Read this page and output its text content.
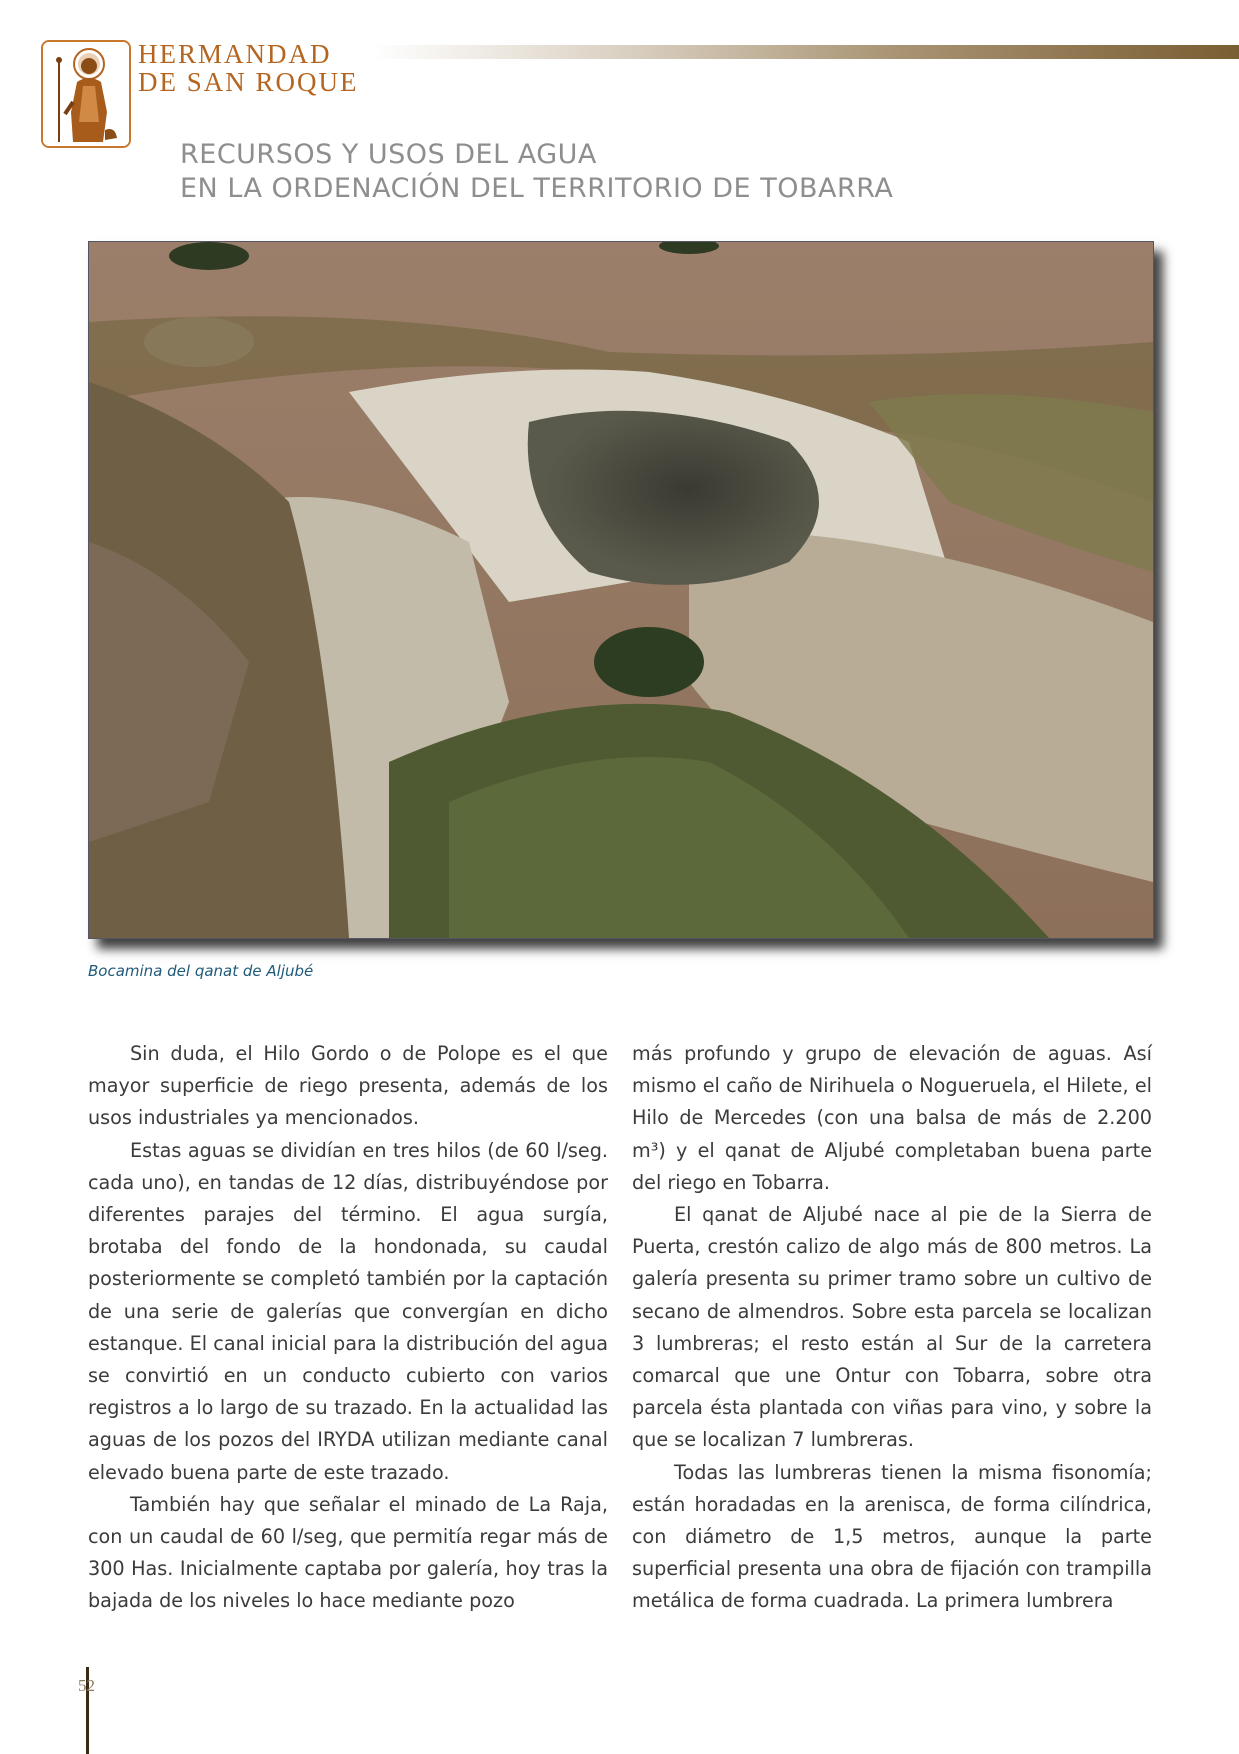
HERMANDAD
DE SAN ROQUE
RECURSOS Y USOS DEL AGUA
EN LA ORDENACIÓN DEL TERRITORIO DE TOBARRA
Bocamina del qanat de Aljubé

Sin duda, el Hilo Gordo o de Polope es el que mayor superficie de riego presenta, además de los usos industriales ya mencionados.

Estas aguas se dividían en tres hilos (de 60 l/seg. cada uno), en tandas de 12 días, distribuyéndose por diferentes parajes del término. El agua surgía, brotaba del fondo de la hondonada, su caudal posteriormente se completó también por la captación de una serie de galerías que convergían en dicho estanque. El canal inicial para la distribución del agua se convirtió en un conducto cubierto con varios registros a lo largo de su trazado. En la actualidad las aguas de los pozos del IRYDA utilizan mediante canal elevado buena parte de este trazado.

También hay que señalar el minado de La Raja, con un caudal de 60 l/seg, que permitía regar más de 300 Has. Inicialmente captaba por galería, hoy tras la bajada de los niveles lo hace mediante pozo

más profundo y grupo de elevación de aguas. Así mismo el caño de Nirihuela o Nogueruela, el Hilete, el Hilo de Mercedes (con una balsa de más de 2.200 m³) y el qanat de Aljubé completaban buena parte del riego en Tobarra.

El qanat de Aljubé nace al pie de la Sierra de Puerta, crestón calizo de algo más de 800 metros. La galería presenta su primer tramo sobre un cultivo de secano de almendros. Sobre esta parcela se localizan 3 lumbreras; el resto están al Sur de la carretera comarcal que une Ontur con Tobarra, sobre otra parcela ésta plantada con viñas para vino, y sobre la que se localizan 7 lumbreras.

Todas las lumbreras tienen la misma fisonomía; están horadadas en la arenisca, de forma cilíndrica, con diámetro de 1,5 metros, aunque la parte superficial presenta una obra de fijación con trampilla metálica de forma cuadrada. La primera lumbrera

52
